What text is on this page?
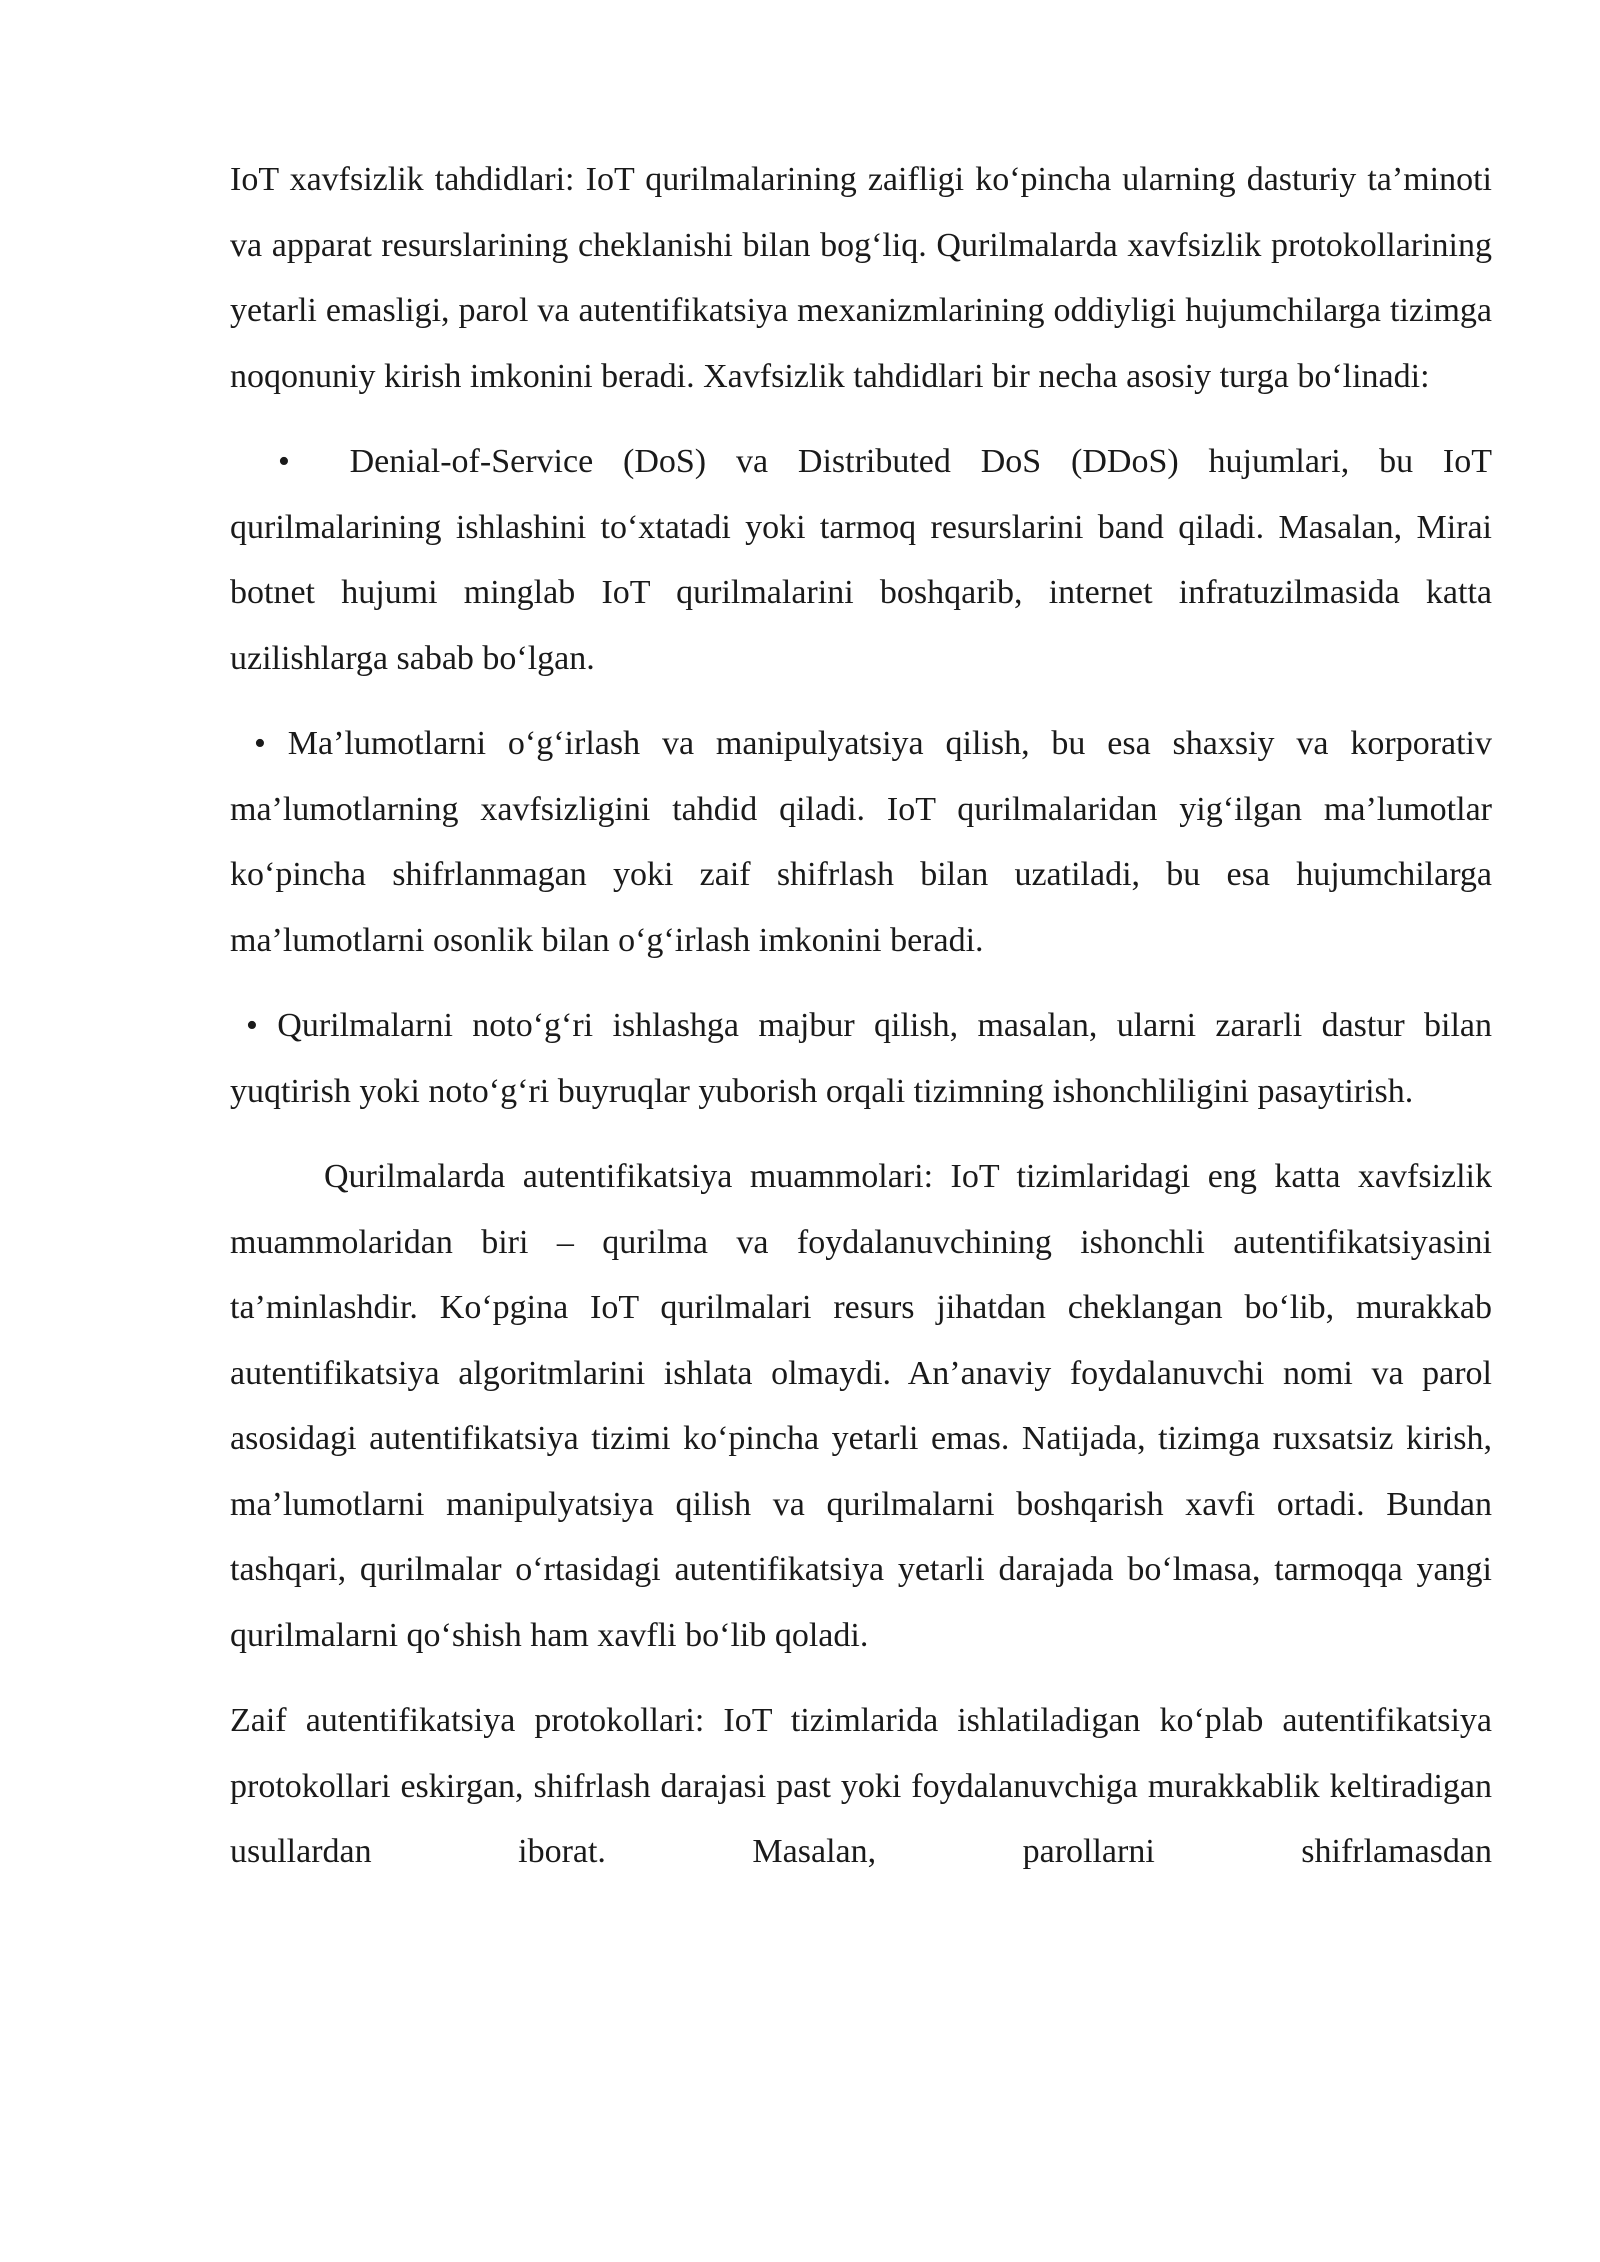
IoT xavfsizlik tahdidlari: IoT qurilmalarining zaifligi ko‘pincha ularning dasturiy ta’minoti va apparat resurslarining cheklanishi bilan bog‘liq. Qurilmalarda xavfsizlik protokollarining yetarli emasligi, parol va autentifikatsiya mexanizmlarining oddiyligi hujumchilarga tizimga noqonuniy kirish imkonini beradi. Xavfsizlik tahdidlari bir necha asosiy turga bo‘linadi:

• Denial-of-Service (DoS) va Distributed DoS (DDoS) hujumlari, bu IoT qurilmalarining ishlashini to‘xtatadi yoki tarmoq resurslarini band qiladi. Masalan, Mirai botnet hujumi minglab IoT qurilmalarini boshqarib, internet infratuzilmasida katta uzilishlarga sabab bo‘lgan.

• Ma’lumotlarni o‘g‘irlash va manipulyatsiya qilish, bu esa shaxsiy va korporativ ma’lumotlarning xavfsizligini tahdid qiladi. IoT qurilmalaridan yig‘ilgan ma’lumotlar ko‘pincha shifrlanmagan yoki zaif shifrlash bilan uzatiladi, bu esa hujumchilarga ma’lumotlarni osonlik bilan o‘g‘irlash imkonini beradi.

• Qurilmalarni noto‘g‘ri ishlashga majbur qilish, masalan, ularni zararli dastur bilan yuqtirish yoki noto‘g‘ri buyruqlar yuborish orqali tizimning ishonchliligini pasaytirish.

Qurilmalarda autentifikatsiya muammolari: IoT tizimlaridagi eng katta xavfsizlik muammolaridan biri – qurilma va foydalanuvchining ishonchli autentifikatsiyasini ta’minlashdir. Ko‘pgina IoT qurilmalari resurs jihatdan cheklangan bo‘lib, murakkab autentifikatsiya algoritmlarini ishlata olmaydi. An’anaviy foydalanuvchi nomi va parol asosidagi autentifikatsiya tizimi ko‘pincha yetarli emas. Natijada, tizimga ruxsatsiz kirish, ma’lumotlarni manipulyatsiya qilish va qurilmalarni boshqarish xavfi ortadi. Bundan tashqari, qurilmalar o‘rtasidagi autentifikatsiya yetarli darajada bo‘lmasa, tarmoqqa yangi qurilmalarni qo‘shish ham xavfli bo‘lib qoladi.

Zaif autentifikatsiya protokollari: IoT tizimlarida ishlatiladigan ko‘plab autentifikatsiya protokollari eskirgan, shifrlash darajasi past yoki foydalanuvchiga murakkablik keltiradigan usullardan iborat. Masalan, parollarni shifrlamasdan
